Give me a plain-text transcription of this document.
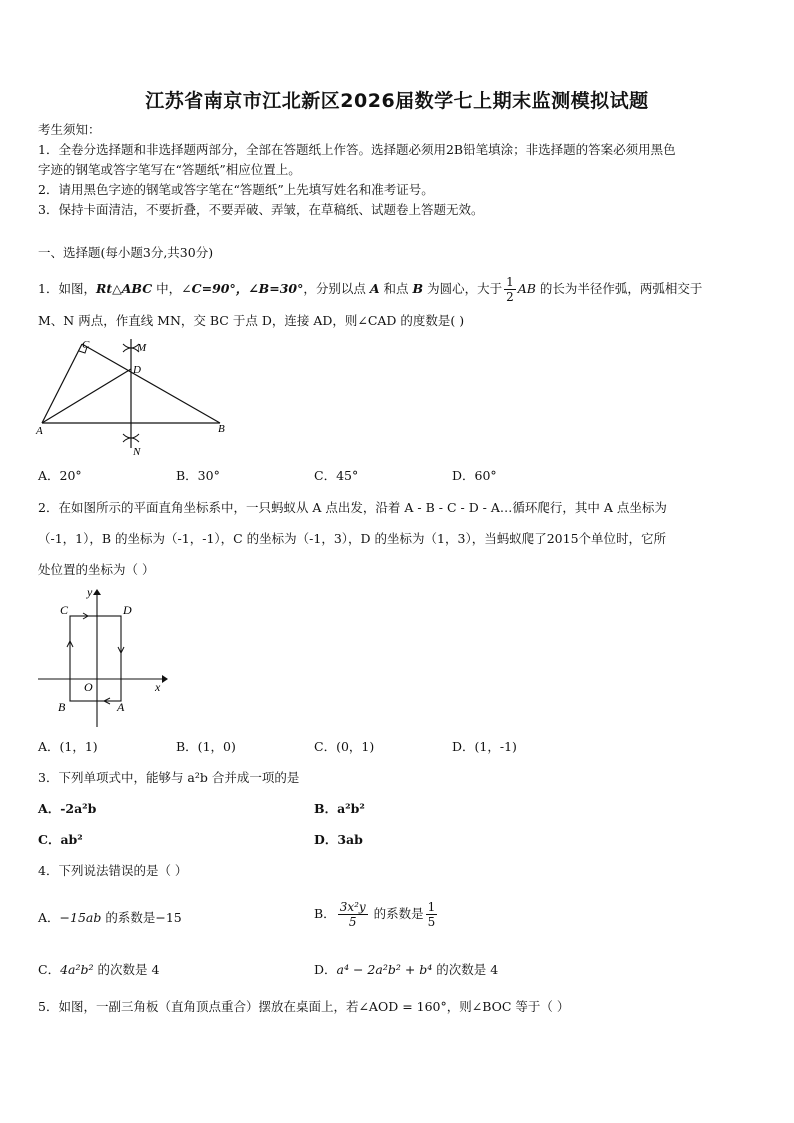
江苏省南京市江北新区2026届数学七上期末监测模拟试题
考生须知：
1．全卷分选择题和非选择题两部分，全部在答题纸上作答。选择题必须用2B铅笔填涂；非选择题的答案必须用黑色
字迹的钢笔或答字笔写在“答题纸”相应位置上。
2．请用黑色字迹的钢笔或答字笔在“答题纸”上先填写姓名和准考证号。
3．保持卡面清洁，不要折叠，不要弄破、弄皱，在草稿纸、试题卷上答题无效。
一、选择题(每小题3分,共30分)
1．如图，Rt△ABC 中，∠C=90°，∠B=30°，分别以点 A 和点 B 为圆心，大于 $\frac{1}{2}$ AB 的长为半径作弧，两弧相交于
M、N 两点，作直线 MN，交 BC 于点 D，连接 AD，则∠CAD 的度数是( )
C	M
D
A	B
N
A．20°	B．30°	C．45°	D．60°
2．在如图所示的平面直角坐标系中，一只蚂蚁从 A 点出发，沿着 A - B - C - D - A…循环爬行，其中 A 点坐标为
（-1，1），B 的坐标为（-1，-1），C 的坐标为（-1，3），D 的坐标为（1，3），当蚂蚁爬了2015个单位时，它所
处位置的坐标为（ ）
y
x
O
C	D
B	A
A．(1，1)	B．(1，0)	C．(0，1)	D．(1，-1)
3．下列单项式中，能够与 a²b 合并成一项的是
A．-2a²b	B．a²b²
C．ab²	D．3ab
4．下列说法错误的是（ ）
A．−15ab 的系数是−15	B． $\frac{\text{3x²y}}{5}$ 的系数是 $\frac{1}{5}$
C．4a²b² 的次数是 4	D．a⁴ − 2a²b² + b⁴ 的次数是 4
5．如图，一副三角板（直角顶点重合）摆放在桌面上，若∠AOD = 160°，则∠BOC 等于（ ）
